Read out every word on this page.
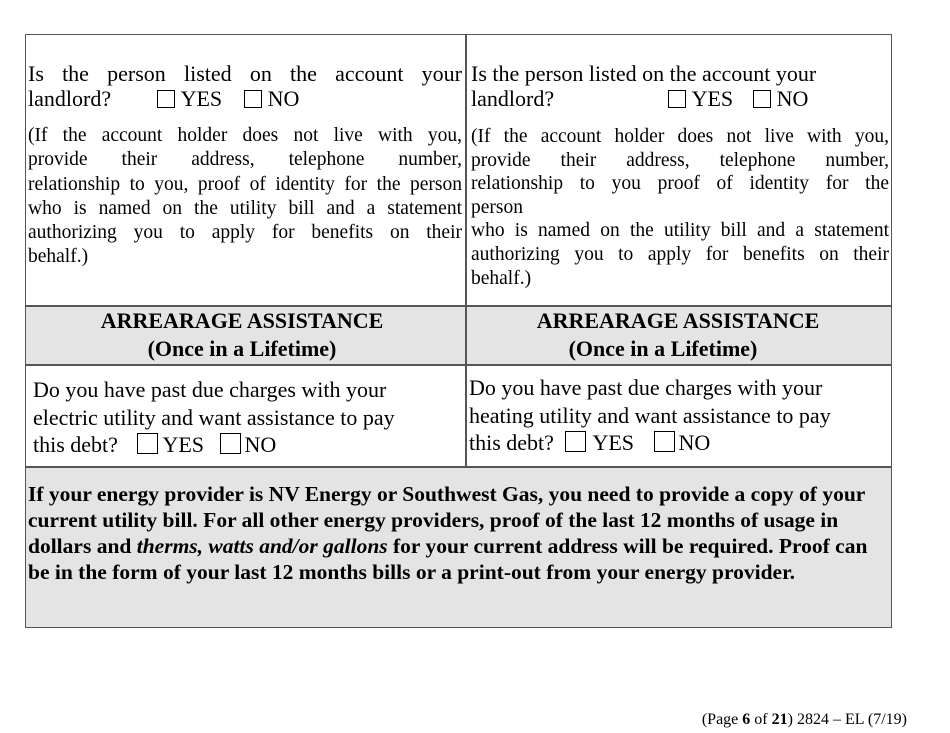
Is the person listed on the account your
landlord?	YES NO
(If the account holder does not live with you,
provide their address, telephone number,
relationship to you, proof of identity for the person
who is named on the utility bill and a statement
authorizing you to apply for benefits on their
behalf.)
Is the person listed on the account your
landlord?	YES NO
(If the account holder does not live with you,
provide their address, telephone number,
relationship to you proof of identity for the
person
who is named on the utility bill and a statement
authorizing you to apply for benefits on their
behalf.)
ARREARAGE ASSISTANCE
(Once in a Lifetime)
ARREARAGE ASSISTANCE
(Once in a Lifetime)
Do you have past due charges with your
electric utility and want assistance to pay
this debt? YES NO
Do you have past due charges with your
heating utility and want assistance to pay
this debt? YES NO
If your energy provider is NV Energy or Southwest Gas, you need to provide a copy of your current utility bill. For all other energy providers, proof of the last 12 months of usage in dollars and therms, watts and/or gallons for your current address will be required. Proof can be in the form of your last 12 months bills or a print-out from your energy provider.
(Page 6 of 21) 2824 – EL (7/19)
